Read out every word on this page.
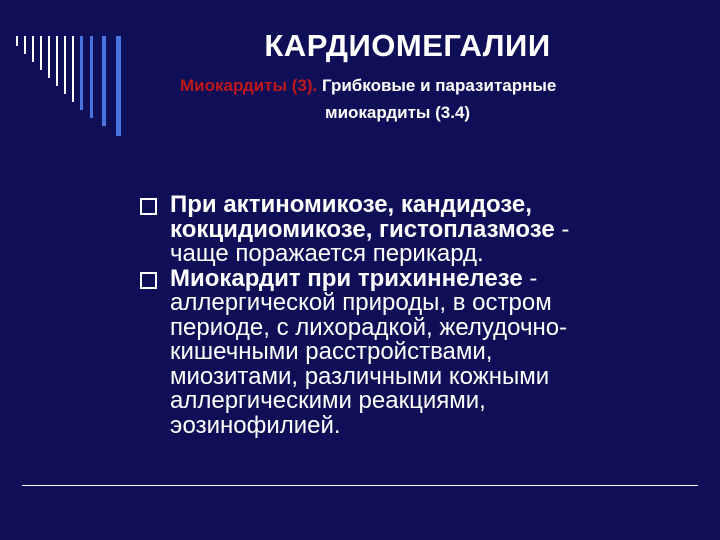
КАРДИОМЕГАЛИИ
Миокардиты (3). Грибковые и паразитарные
миокардиты (3.4)
При актиномикозе, кандидозе,
кокцидиомикозе, гистоплазмозе -
чаще поражается перикард.
Миокардит при трихиннелезе -
аллергической природы, в остром
периоде, с лихорадкой, желудочно-
кишечными расстройствами,
миозитами, различными кожными
аллергическими реакциями,
эозинофилией.
